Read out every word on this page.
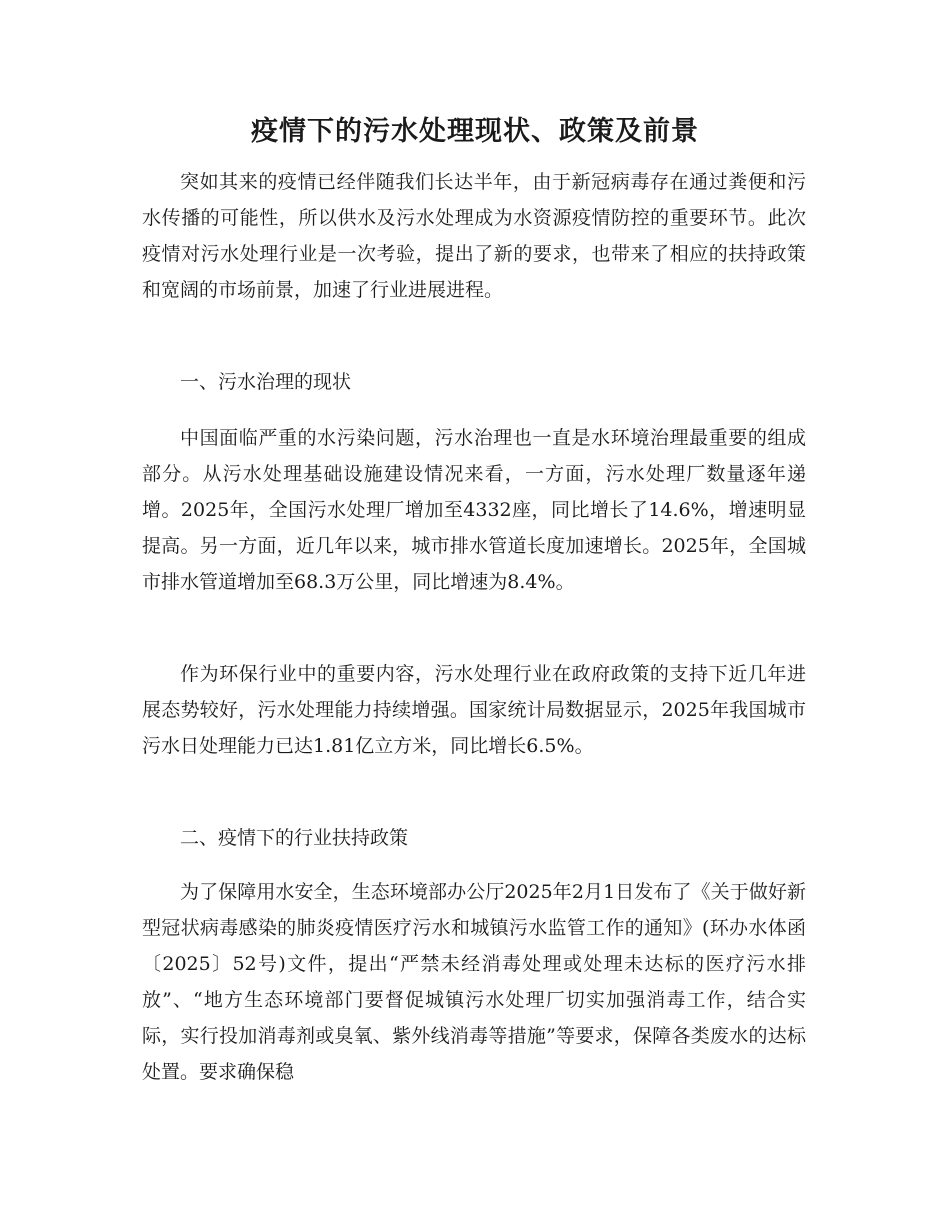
疫情下的污水处理现状、政策及前景

突如其来的疫情已经伴随我们长达半年，由于新冠病毒存在通过粪便和污水传播的可能性，所以供水及污水处理成为水资源疫情防控的重要环节。此次疫情对污水处理行业是一次考验，提出了新的要求，也带来了相应的扶持政策和宽阔的市场前景，加速了行业进展进程。

一、污水治理的现状

中国面临严重的水污染问题，污水治理也一直是水环境治理最重要的组成部分。从污水处理基础设施建设情况来看，一方面，污水处理厂数量逐年递增。2025年，全国污水处理厂增加至4332座，同比增长了14.6%，增速明显提高。另一方面，近几年以来，城市排水管道长度加速增长。2025年，全国城市排水管道增加至68.3万公里，同比增速为8.4%。

作为环保行业中的重要内容，污水处理行业在政府政策的支持下近几年进展态势较好，污水处理能力持续增强。国家统计局数据显示，2025年我国城市污水日处理能力已达1.81亿立方米，同比增长6.5%。

二、疫情下的行业扶持政策

为了保障用水安全，生态环境部办公厅2025年2月1日发布了《关于做好新型冠状病毒感染的肺炎疫情医疗污水和城镇污水监管工作的通知》(环办水体函〔2025〕52号)文件，提出“严禁未经消毒处理或处理未达标的医疗污水排放”、“地方生态环境部门要督促城镇污水处理厂切实加强消毒工作，结合实际，实行投加消毒剂或臭氧、紫外线消毒等措施”等要求，保障各类废水的达标处置。要求确保稳
